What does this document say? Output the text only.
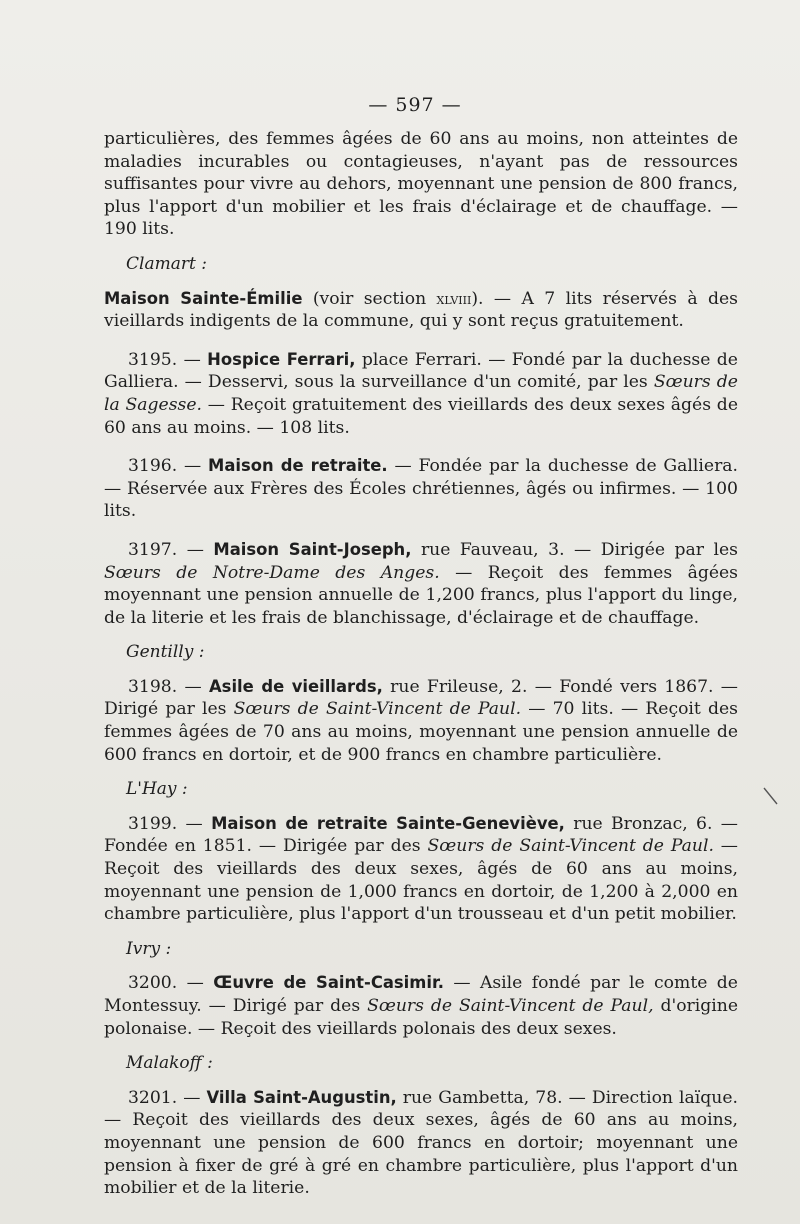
— 597 —

particulières, des femmes âgées de 60 ans au moins, non atteintes de maladies incurables ou contagieuses, n'ayant pas de ressources suffisantes pour vivre au dehors, moyennant une pension de 800 francs, plus l'apport d'un mobilier et les frais d'éclairage et de chauffage. — 190 lits.

Clamart :

Maison Sainte-Émilie (voir section xlviii). — A 7 lits réservés à des vieillards indigents de la commune, qui y sont reçus gratuitement.

3195. — Hospice Ferrari, place Ferrari. — Fondé par la duchesse de Galliera. — Desservi, sous la surveillance d'un comité, par les Sœurs de la Sagesse. — Reçoit gratuitement des vieillards des deux sexes âgés de 60 ans au moins. — 108 lits.

3196. — Maison de retraite. — Fondée par la duchesse de Galliera. — Réservée aux Frères des Écoles chrétiennes, âgés ou infirmes. — 100 lits.

3197. — Maison Saint-Joseph, rue Fauveau, 3. — Dirigée par les Sœurs de Notre-Dame des Anges. — Reçoit des femmes âgées moyennant une pension annuelle de 1,200 francs, plus l'apport du linge, de la literie et les frais de blanchissage, d'éclairage et de chauffage.

Gentilly :

3198. — Asile de vieillards, rue Frileuse, 2. — Fondé vers 1867. — Dirigé par les Sœurs de Saint-Vincent de Paul. — 70 lits. — Reçoit des femmes âgées de 70 ans au moins, moyennant une pension annuelle de 600 francs en dortoir, et de 900 francs en chambre particulière.

L'Hay :

3199. — Maison de retraite Sainte-Geneviève, rue Bronzac, 6. — Fondée en 1851. — Dirigée par des Sœurs de Saint-Vincent de Paul. — Reçoit des vieillards des deux sexes, âgés de 60 ans au moins, moyennant une pension de 1,000 francs en dortoir, de 1,200 à 2,000 en chambre particulière, plus l'apport d'un trousseau et d'un petit mobilier.

Ivry :

3200. — Œuvre de Saint-Casimir. — Asile fondé par le comte de Montessuy. — Dirigé par des Sœurs de Saint-Vincent de Paul, d'origine polonaise. — Reçoit des vieillards polonais des deux sexes.

Malakoff :

3201. — Villa Saint-Augustin, rue Gambetta, 78. — Direction laïque. — Reçoit des vieillards des deux sexes, âgés de 60 ans au moins, moyennant une pension de 600 francs en dortoir; moyennant une pension à fixer de gré à gré en chambre particulière, plus l'apport d'un mobilier et de la literie.
